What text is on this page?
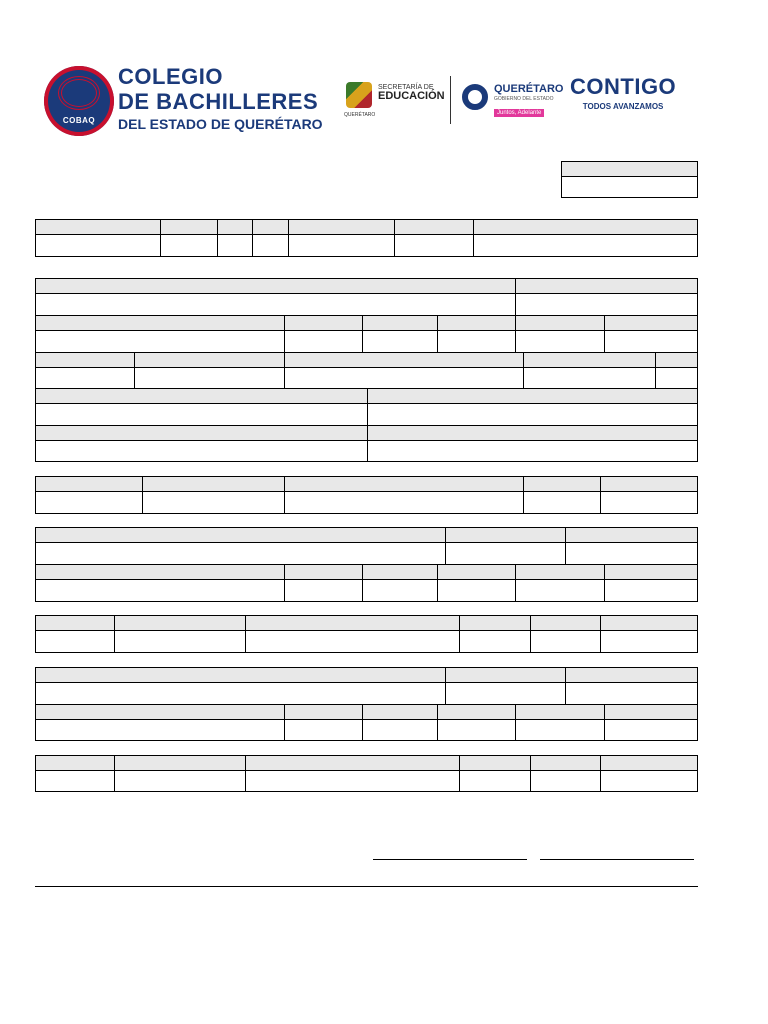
COBAQ
COLEGIO
DE BACHILLERES
DEL ESTADO DE QUERÉTARO
QUERÉTARO
SECRETARÍA DE
EDUCACIÓN
QUERÉTARO
GOBIERNO DEL ESTADO
Juntos, Adelante
CONTIGO
TODOS AVANZAMOS
